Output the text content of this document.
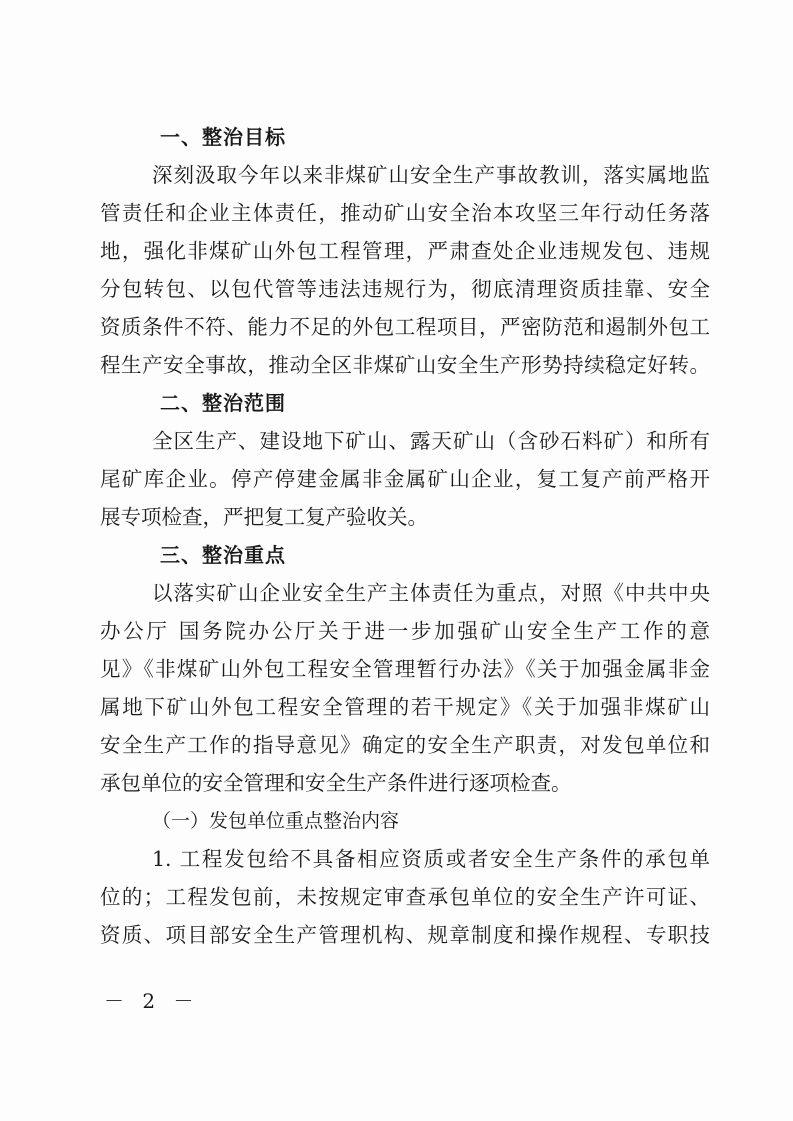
一、整治目标
深刻汲取今年以来非煤矿山安全生产事故教训，落实属地监
管责任和企业主体责任，推动矿山安全治本攻坚三年行动任务落
地，强化非煤矿山外包工程管理，严肃查处企业违规发包、违规
分包转包、以包代管等违法违规行为，彻底清理资质挂靠、安全
资质条件不符、能力不足的外包工程项目，严密防范和遏制外包工
程生产安全事故，推动全区非煤矿山安全生产形势持续稳定好转。
二、整治范围
全区生产、建设地下矿山、露天矿山（含砂石料矿）和所有
尾矿库企业。停产停建金属非金属矿山企业，复工复产前严格开
展专项检查，严把复工复产验收关。
三、整治重点
以落实矿山企业安全生产主体责任为重点，对照《中共中央
办公厅 国务院办公厅关于进一步加强矿山安全生产工作的意
见》《非煤矿山外包工程安全管理暂行办法》《关于加强金属非金
属地下矿山外包工程安全管理的若干规定》《关于加强非煤矿山
安全生产工作的指导意见》确定的安全生产职责，对发包单位和
承包单位的安全管理和安全生产条件进行逐项检查。
（一）发包单位重点整治内容
1. 工程发包给不具备相应资质或者安全生产条件的承包单
位的；工程发包前，未按规定审查承包单位的安全生产许可证、
资质、项目部安全生产管理机构、规章制度和操作规程、专职技
－ 2 －
